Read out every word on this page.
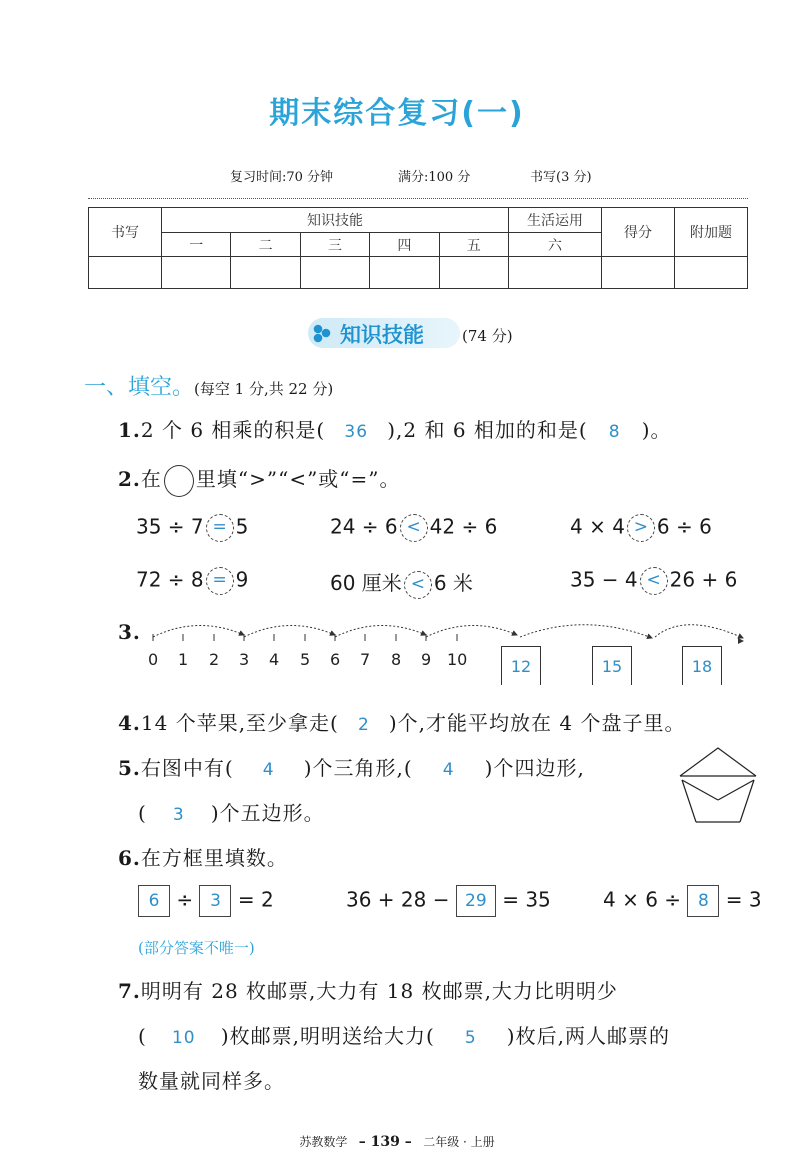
期末综合复习(一)
复习时间:70 分钟	满分:100 分	书写(3 分)
书写	知识技能					生活运用	得分	附加题
	一	二	三	四	五	六		

知识技能	(74 分)
一、填空。(每空 1 分,共 22 分)
1.2 个 6 相乘的积是( 36 ),2 和 6 相加的和是( 8 )。
2.在 里填“>”“<”或“=”。
35 ÷ 7 = 5	24 ÷ 6 < 42 ÷ 6	4 × 4 > 6 ÷ 6
72 ÷ 8 = 9	60 厘米 < 6 米	35 − 4 < 26 + 6
3.
0 1 2 3 4 5 6 7 8 9 10	12	15	18
4.14 个苹果,至少拿走( 2 )个,才能平均放在 4 个盘子里。
5.右图中有( 4 )个三角形,( 4 )个四边形,
( 3 )个五边形。
6.在方框里填数。
6 ÷ 3 = 2	36 + 28 − 29 = 35	4 × 6 ÷ 8 = 3
(部分答案不唯一)
7.明明有 28 枚邮票,大力有 18 枚邮票,大力比明明少
( 10 )枚邮票,明明送给大力( 5 )枚后,两人邮票的
数量就同样多。
苏教数学 – 139 – 二年级 · 上册
